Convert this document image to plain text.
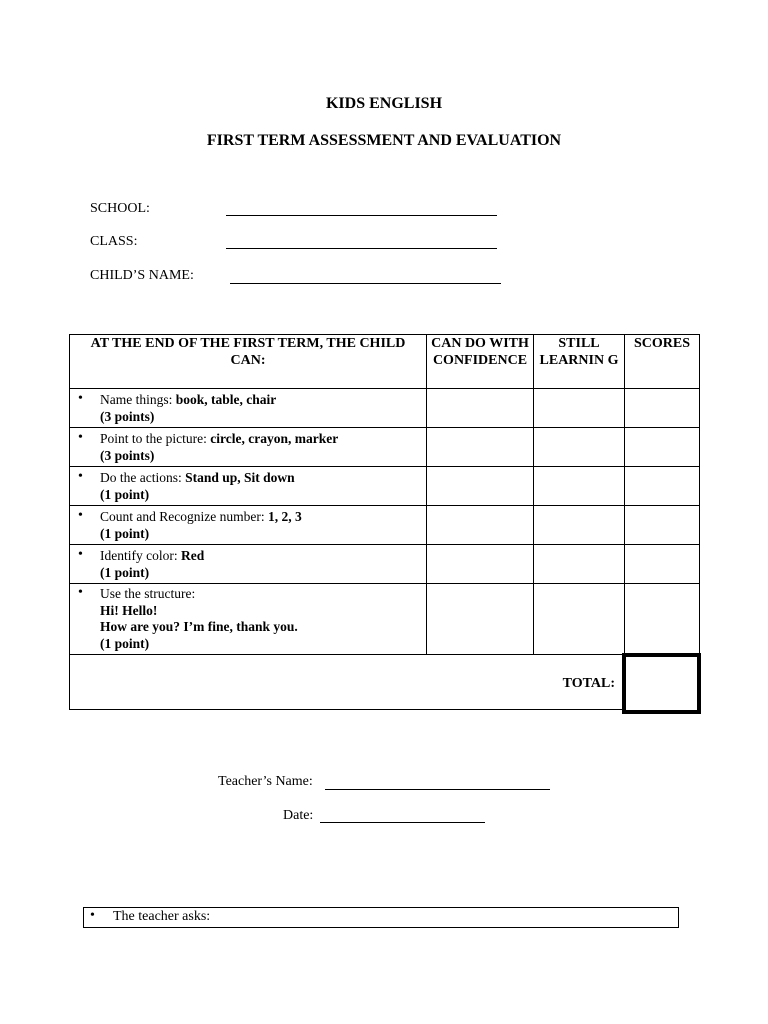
KIDS ENGLISH
FIRST TERM ASSESSMENT AND EVALUATION
SCHOOL:
CLASS:
CHILD’S NAME:
AT THE END OF THE FIRST TERM, THE CHILD CAN:	CAN DO WITH CONFIDENCE	STILL LEARNIN G	SCORES

• Name things: book, table, chair
(3 points)			

• Point to the picture: circle, crayon, marker
(3 points)			

• Do the actions: Stand up, Sit down
(1 point)			

• Count and Recognize number: 1, 2, 3
(1 point)			

• Identify color: Red
(1 point)			

• Use the structure:
Hi! Hello!
How are you? I’m fine, thank you.
(1 point)			

TOTAL:			
Teacher’s Name:
Date:
• The teacher asks:
